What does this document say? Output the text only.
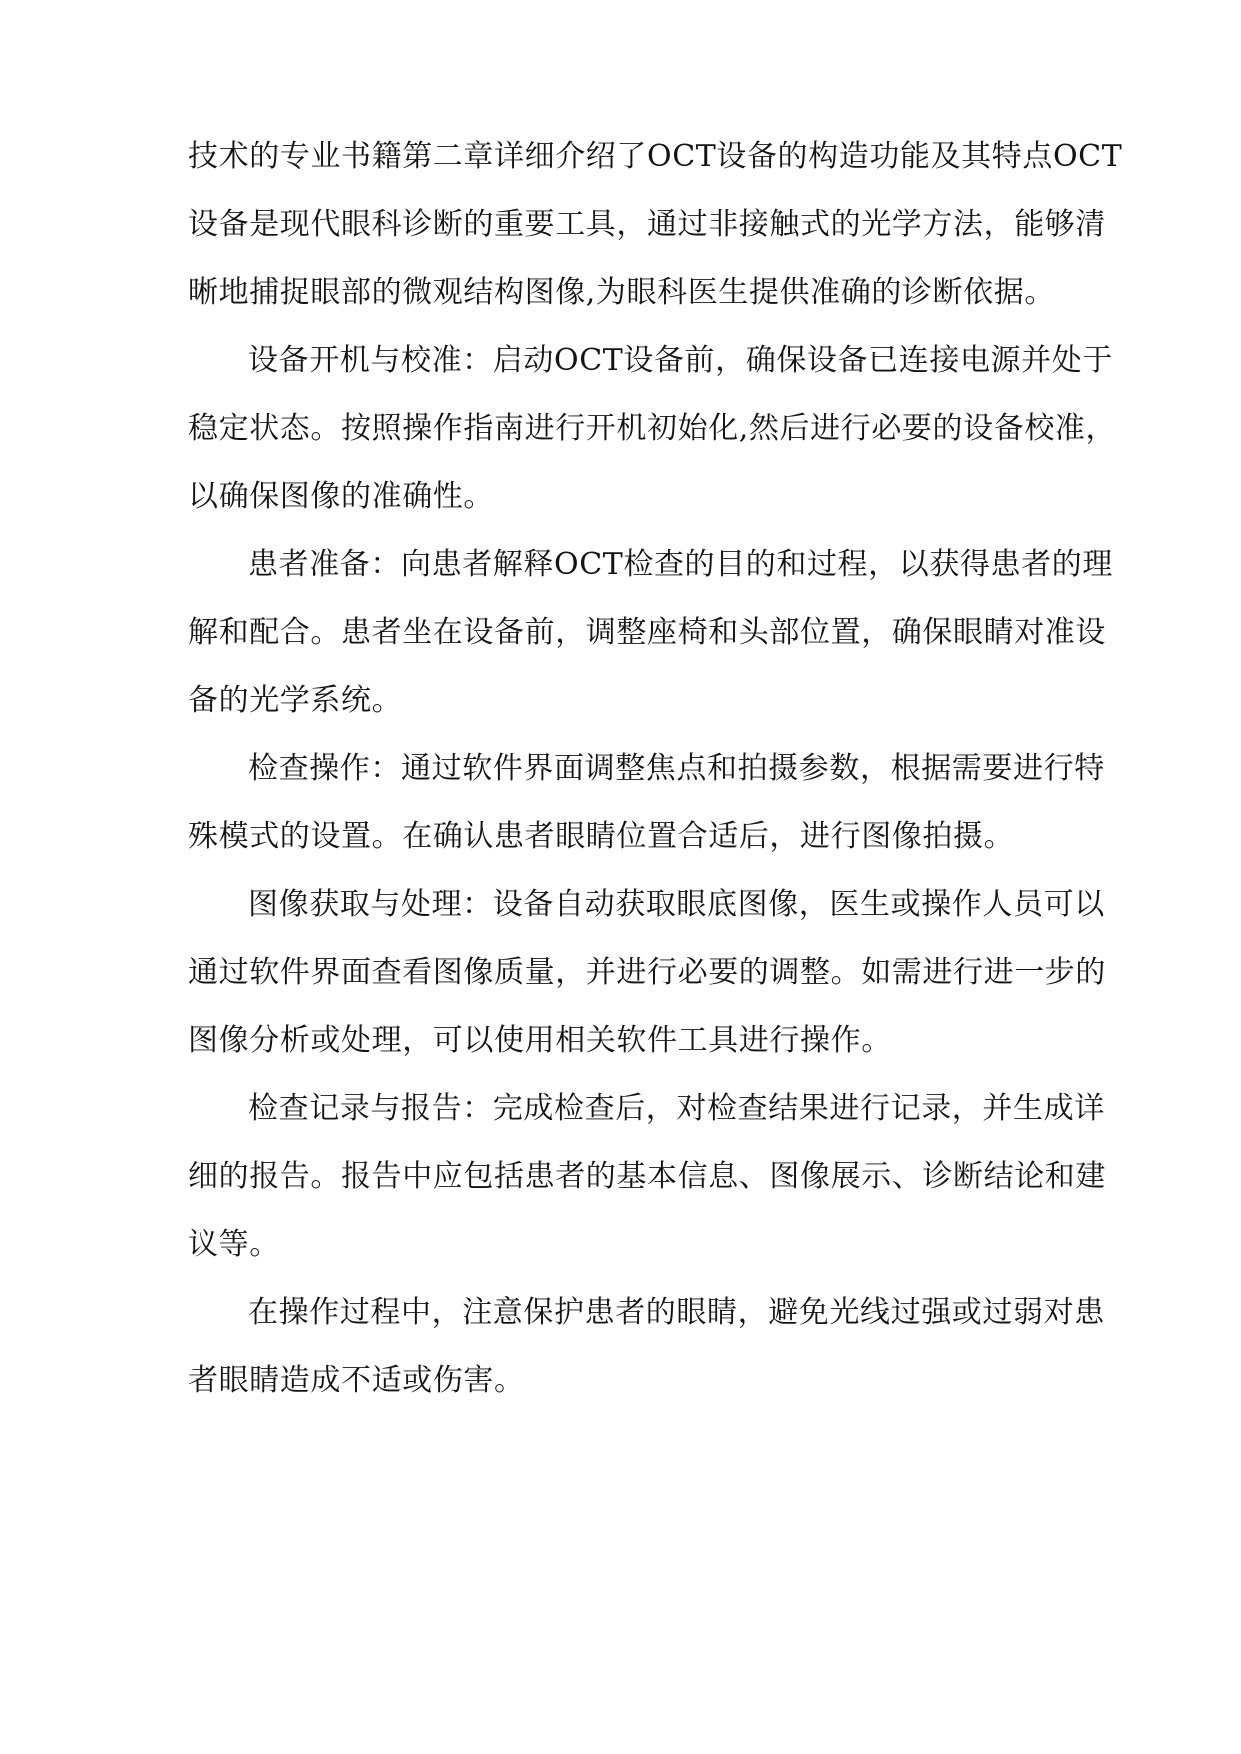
技术的专业书籍第二章详细介绍了OCT设备的构造功能及其特点OCT

设备是现代眼科诊断的重要工具，通过非接触式的光学方法，能够清

晰地捕捉眼部的微观结构图像,为眼科医生提供准确的诊断依据。

设备开机与校准：启动OCT设备前，确保设备已连接电源并处于

稳定状态。按照操作指南进行开机初始化,然后进行必要的设备校准，

以确保图像的准确性。

患者准备：向患者解释OCT检查的目的和过程，以获得患者的理

解和配合。患者坐在设备前，调整座椅和头部位置，确保眼睛对准设

备的光学系统。

检查操作：通过软件界面调整焦点和拍摄参数，根据需要进行特

殊模式的设置。在确认患者眼睛位置合适后，进行图像拍摄。

图像获取与处理：设备自动获取眼底图像，医生或操作人员可以

通过软件界面查看图像质量，并进行必要的调整。如需进行进一步的

图像分析或处理，可以使用相关软件工具进行操作。

检查记录与报告：完成检查后，对检查结果进行记录，并生成详

细的报告。报告中应包括患者的基本信息、图像展示、诊断结论和建

议等。

在操作过程中，注意保护患者的眼睛，避免光线过强或过弱对患

者眼睛造成不适或伤害。
